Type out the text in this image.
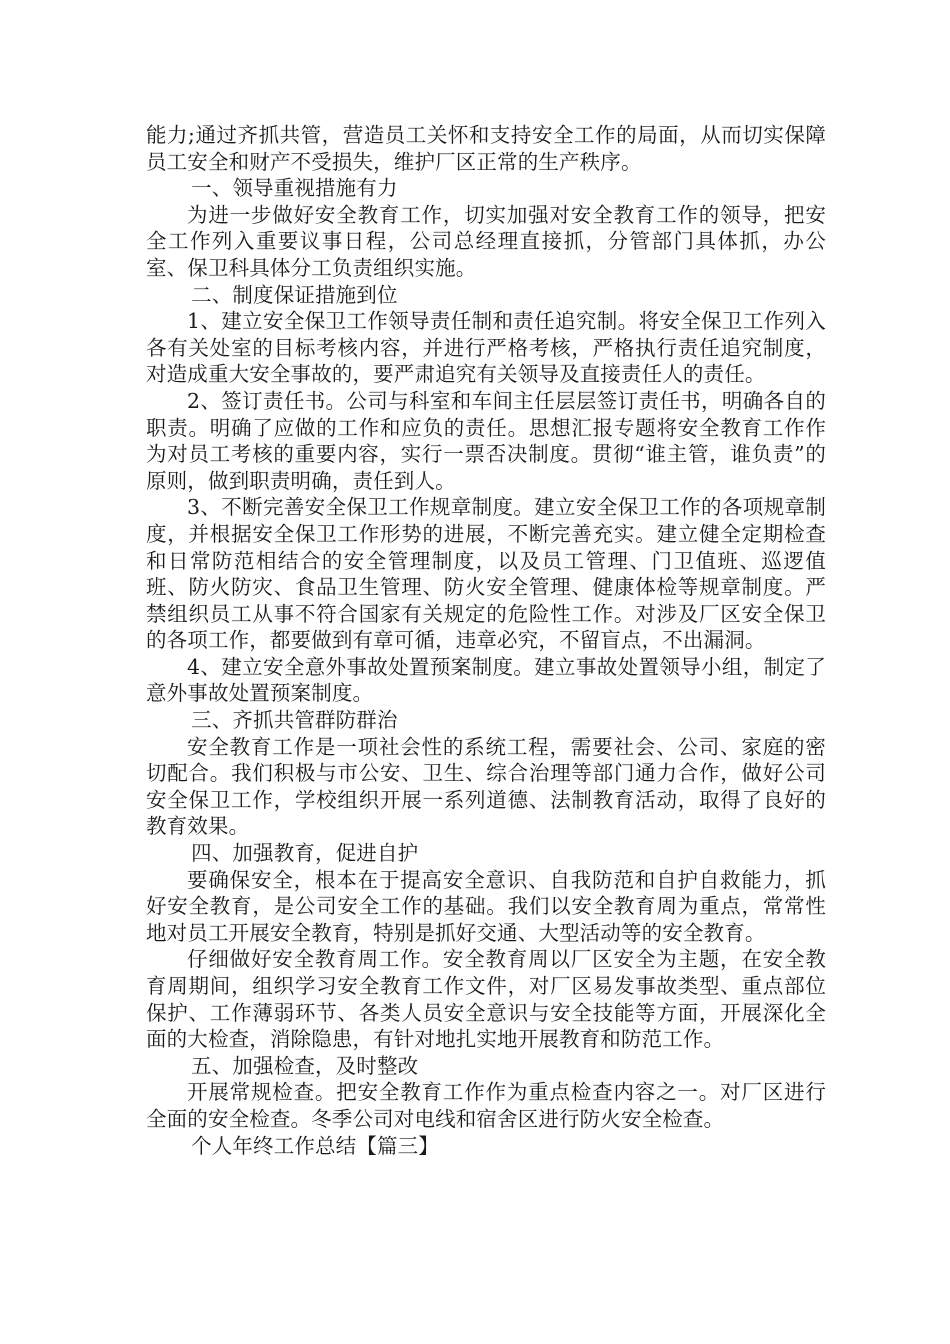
能力;通过齐抓共管，营造员工关怀和支持安全工作的局面，从而切实保障员工安全和财产不受损失，维护厂区正常的生产秩序。

一、领导重视措施有力

为进一步做好安全教育工作，切实加强对安全教育工作的领导，把安全工作列入重要议事日程，公司总经理直接抓，分管部门具体抓，办公室、保卫科具体分工负责组织实施。

二、制度保证措施到位

1、建立安全保卫工作领导责任制和责任追究制。将安全保卫工作列入各有关处室的目标考核内容，并进行严格考核，严格执行责任追究制度，对造成重大安全事故的，要严肃追究有关领导及直接责任人的责任。

2、签订责任书。公司与科室和车间主任层层签订责任书，明确各自的职责。明确了应做的工作和应负的责任。思想汇报专题将安全教育工作作为对员工考核的重要内容，实行一票否决制度。贯彻“谁主管，谁负责”的原则，做到职责明确，责任到人。

3、不断完善安全保卫工作规章制度。建立安全保卫工作的各项规章制度，并根据安全保卫工作形势的进展，不断完善充实。建立健全定期检查和日常防范相结合的安全管理制度，以及员工管理、门卫值班、巡逻值班、防火防灾、食品卫生管理、防火安全管理、健康体检等规章制度。严禁组织员工从事不符合国家有关规定的危险性工作。对涉及厂区安全保卫的各项工作，都要做到有章可循，违章必究，不留盲点，不出漏洞。

4、建立安全意外事故处置预案制度。建立事故处置领导小组，制定了意外事故处置预案制度。

三、齐抓共管群防群治

安全教育工作是一项社会性的系统工程，需要社会、公司、家庭的密切配合。我们积极与市公安、卫生、综合治理等部门通力合作，做好公司安全保卫工作，学校组织开展一系列道德、法制教育活动，取得了良好的教育效果。

四、加强教育，促进自护

要确保安全，根本在于提高安全意识、自我防范和自护自救能力，抓好安全教育，是公司安全工作的基础。我们以安全教育周为重点，常常性地对员工开展安全教育，特别是抓好交通、大型活动等的安全教育。

仔细做好安全教育周工作。安全教育周以厂区安全为主题，在安全教育周期间，组织学习安全教育工作文件，对厂区易发事故类型、重点部位保护、工作薄弱环节、各类人员安全意识与安全技能等方面，开展深化全面的大检查，消除隐患，有针对地扎实地开展教育和防范工作。

五、加强检查，及时整改

开展常规检查。把安全教育工作作为重点检查内容之一。对厂区进行全面的安全检查。冬季公司对电线和宿舍区进行防火安全检查。

个人年终工作总结【篇三】
